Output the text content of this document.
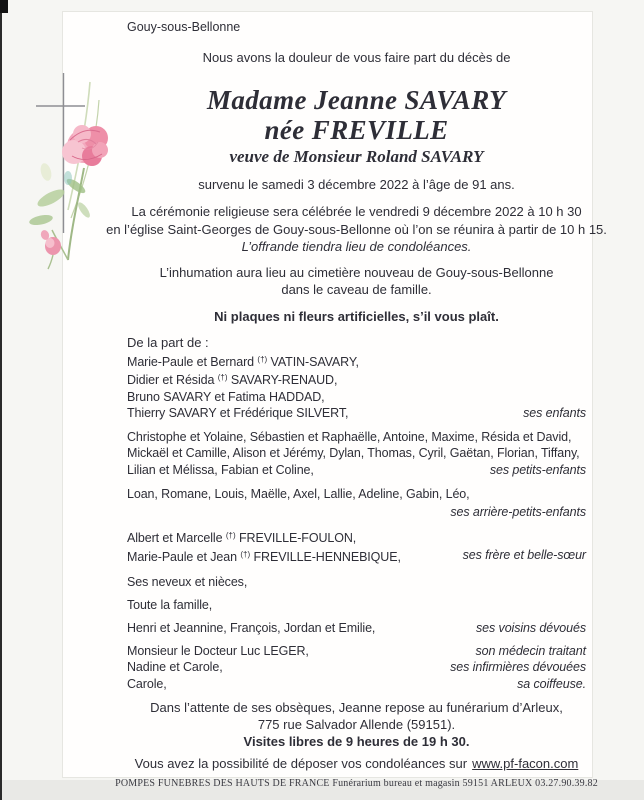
Gouy-sous-Bellonne
Nous avons la douleur de vous faire part du décès de
Madame Jeanne SAVARY
née FREVILLE
veuve de Monsieur Roland SAVARY
survenu le samedi 3 décembre 2022 à l’âge de 91 ans.
La cérémonie religieuse sera célébrée le vendredi 9 décembre 2022 à 10 h 30
en l’église Saint-Georges de Gouy-sous-Bellonne où l’on se réunira à partir de 10 h 15.
L’offrande tiendra lieu de condoléances.
L’inhumation aura lieu au cimetière nouveau de Gouy-sous-Bellonne
dans le caveau de famille.
Ni plaques ni fleurs artificielles, s’il vous plaît.
De la part de :
Marie-Paule et Bernard (†) VATIN-SAVARY,
Didier et Résida (†) SAVARY-RENAUD,
Bruno SAVARY et Fatima HADDAD,
Thierry SAVARY et Frédérique SILVERT,	ses enfants
Christophe et Yolaine, Sébastien et Raphaëlle, Antoine, Maxime, Résida et David,
Mickaël et Camille, Alison et Jérémy, Dylan, Thomas, Cyril, Gaëtan, Florian, Tiffany,
Lilian et Mélissa, Fabian et Coline,	ses petits-enfants
Loan, Romane, Louis, Maëlle, Axel, Lallie, Adeline, Gabin, Léo,
ses arrière-petits-enfants
Albert et Marcelle (†) FREVILLE-FOULON,
Marie-Paule et Jean (†) FREVILLE-HENNEBIQUE,	ses frère et belle-sœur
Ses neveux et nièces,
Toute la famille,
Henri et Jeannine, François, Jordan et Emilie,	ses voisins dévoués
Monsieur le Docteur Luc LEGER,	son médecin traitant
Nadine et Carole,	ses infirmières dévouées
Carole,	sa coiffeuse.
Dans l’attente de ses obsèques, Jeanne repose au funérarium d’Arleux,
775 rue Salvador Allende (59151).
Visites libres de 9 heures de 19 h 30.
Vous avez la possibilité de déposer vos condoléances sur www.pf-facon.com
POMPES FUNEBRES DES HAUTS DE FRANCE Funérarium bureau et magasin 59151 ARLEUX 03.27.90.39.82
